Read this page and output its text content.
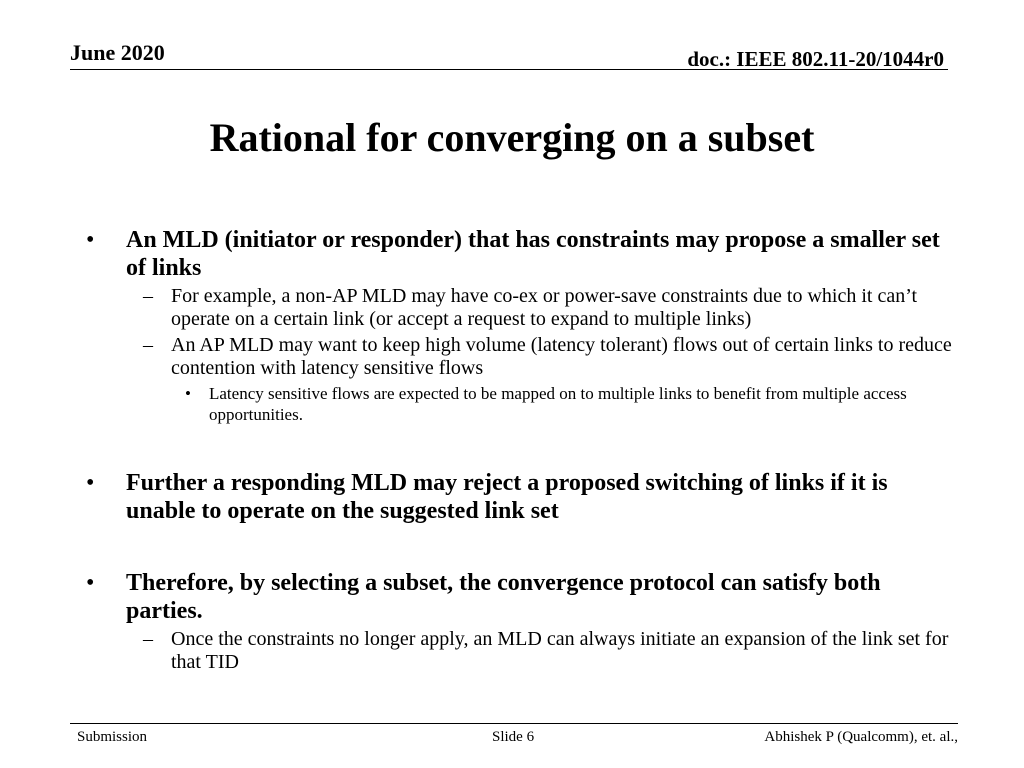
June 2020	doc.: IEEE 802.11-20/1044r0
Rational for converging on a subset
• An MLD (initiator or responder) that has constraints may propose a smaller set of links
– For example, a non-AP MLD may have co-ex or power-save constraints due to which it can’t operate on a certain link (or accept a request to expand to multiple links)
– An AP MLD may want to keep high volume (latency tolerant) flows out of certain links to reduce contention with latency sensitive flows
• Latency sensitive flows are expected to be mapped on to multiple links to benefit from multiple access opportunities.
• Further a responding MLD may reject a proposed switching of links if it is unable to operate on the suggested link set
• Therefore, by selecting a subset, the convergence protocol can satisfy both parties.
– Once the constraints no longer apply, an MLD can always initiate an expansion of the link set for that TID
Submission	Slide 6	Abhishek P (Qualcomm), et. al.,
